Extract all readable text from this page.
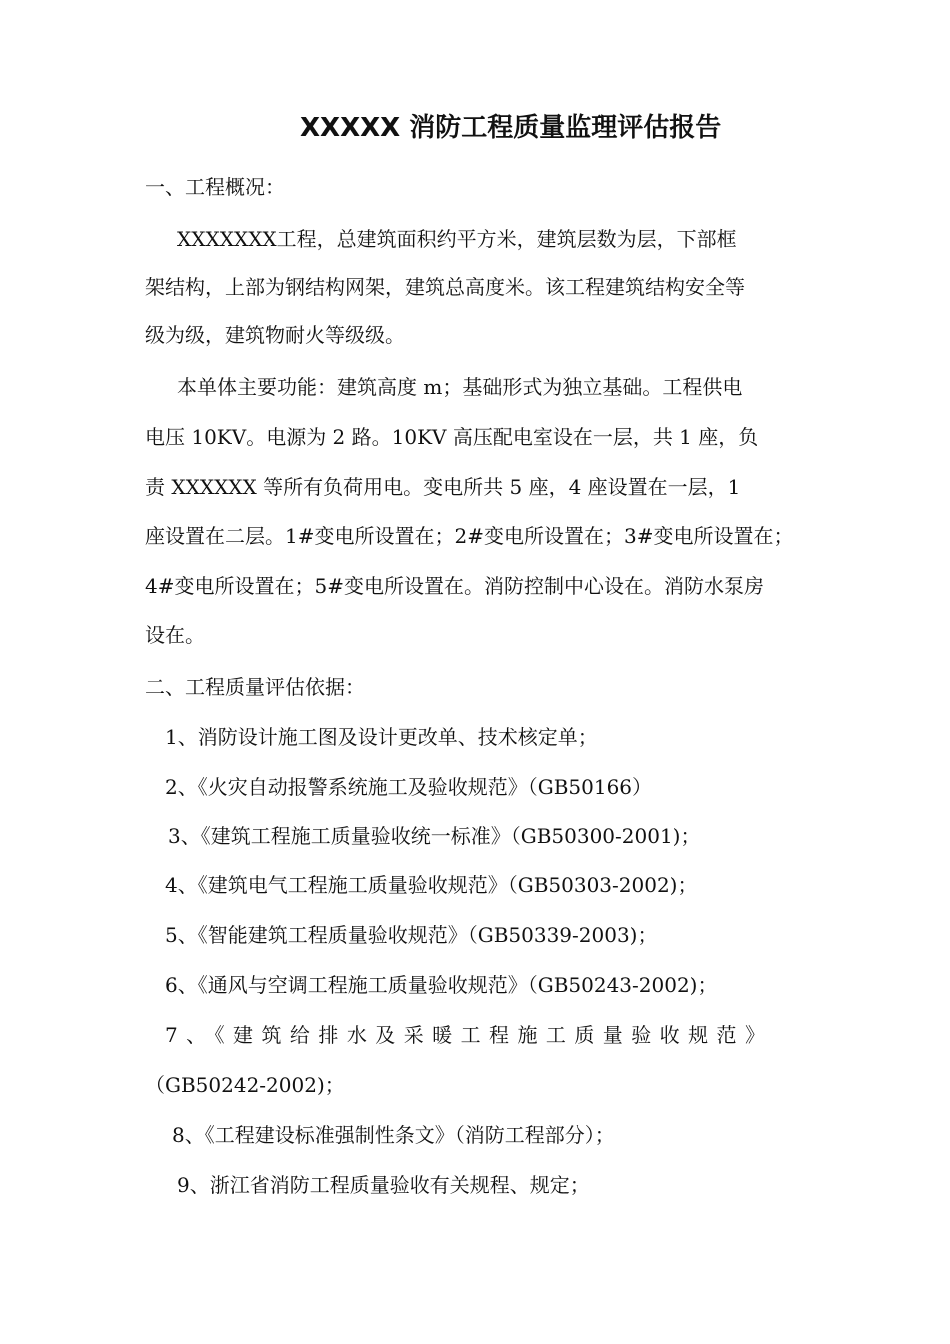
XXXXX 消防工程质量监理评估报告
一、工程概况：
XXXXXXX工程，总建筑面积约平方米，建筑层数为层，下部框
架结构，上部为钢结构网架，建筑总高度米。该工程建筑结构安全等
级为级，建筑物耐火等级级。
本单体主要功能：建筑高度 m；基础形式为独立基础。工程供电
电压 10KV。电源为 2 路。10KV 高压配电室设在一层，共 1 座，负
责 XXXXXX 等所有负荷用电。变电所共 5 座，4 座设置在一层，1
座设置在二层。1#变电所设置在；2#变电所设置在；3#变电所设置在；
4#变电所设置在；5#变电所设置在。消防控制中心设在。消防水泵房
设在。
二、工程质量评估依据：
1、消防设计施工图及设计更改单、技术核定单；
2、《火灾自动报警系统施工及验收规范》（GB50166）
3、《建筑工程施工质量验收统一标准》（GB50300-2001)；
4、《建筑电气工程施工质量验收规范》（GB50303-2002)；
5、《智能建筑工程质量验收规范》（GB50339-2003)；
6、《通风与空调工程施工质量验收规范》（GB50243-2002)；
7、《建筑给排水及采暖工程施工质量验收规范》
（GB50242-2002)；
8、《工程建设标准强制性条文》（消防工程部分）；
9、浙江省消防工程质量验收有关规程、规定；
